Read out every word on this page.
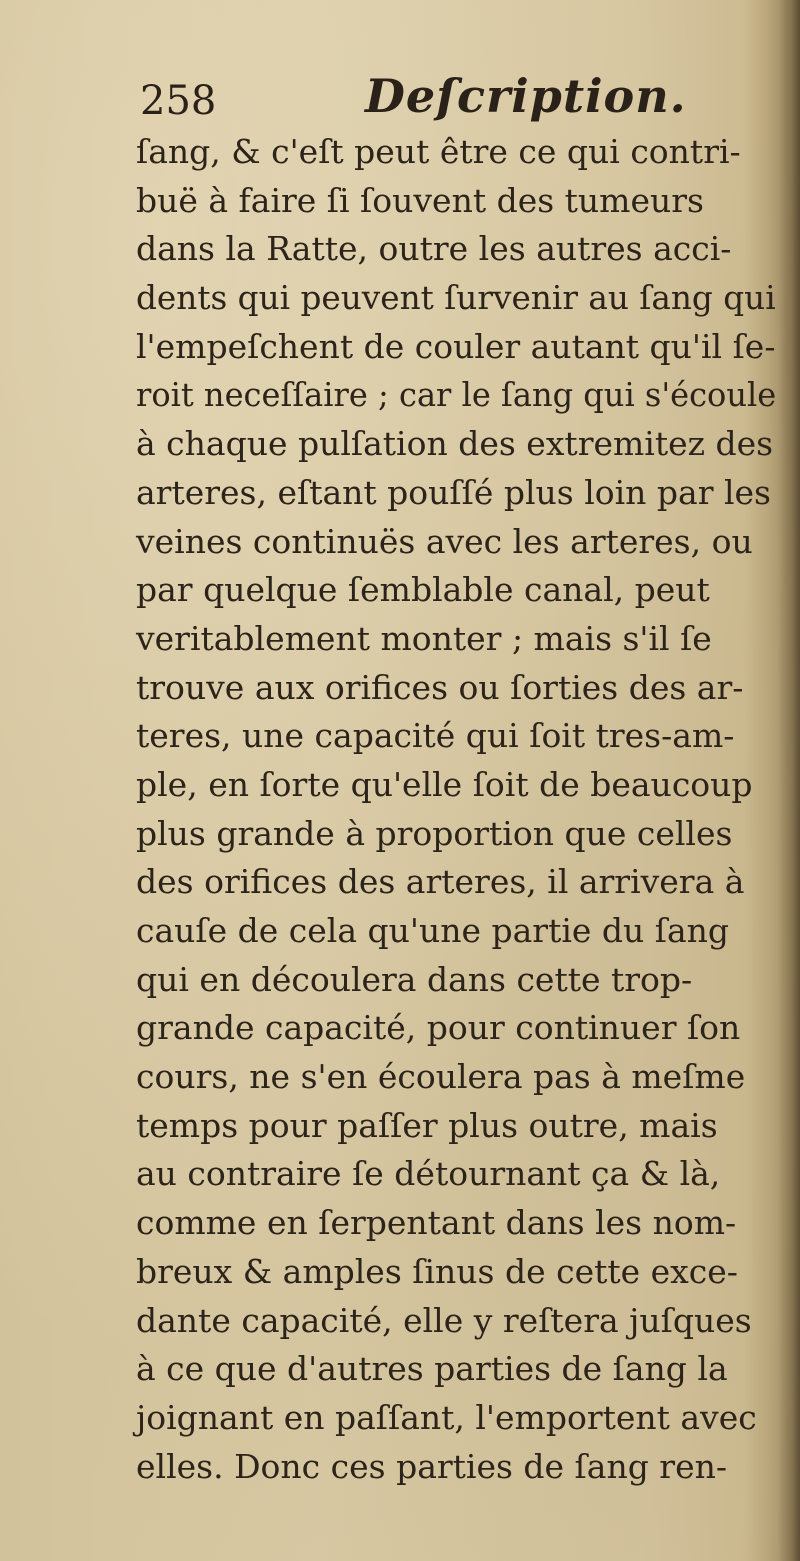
258	Deſcription.
ſang, & c'eſt peut être ce qui contri-
buë à faire ſi ſouvent des tumeurs
dans la Ratte, outre les autres acci-
dents qui peuvent ſurvenir au ſang qui
l'empeſchent de couler autant qu'il ſe-
roit neceſſaire ; car le ſang qui s'écoule
à chaque pulſation des extremitez des
arteres, eſtant pouſſé plus loin par les
veines continuës avec les arteres, ou
par quelque ſemblable canal, peut
veritablement monter ; mais s'il ſe
trouve aux orifices ou ſorties des ar-
teres, une capacité qui ſoit tres-am-
ple, en ſorte qu'elle ſoit de beaucoup
plus grande à proportion que celles
des orifices des arteres, il arrivera à
cauſe de cela qu'une partie du ſang
qui en découlera dans cette trop-
grande capacité, pour continuer ſon
cours, ne s'en écoulera pas à meſme
temps pour paſſer plus outre, mais
au contraire ſe détournant ça & là,
comme en ſerpentant dans les nom-
breux & amples ſinus de cette exce-
dante capacité, elle y reſtera juſques
à ce que d'autres parties de ſang la
joignant en paſſant, l'emportent avec
elles. Donc ces parties de ſang ren-
